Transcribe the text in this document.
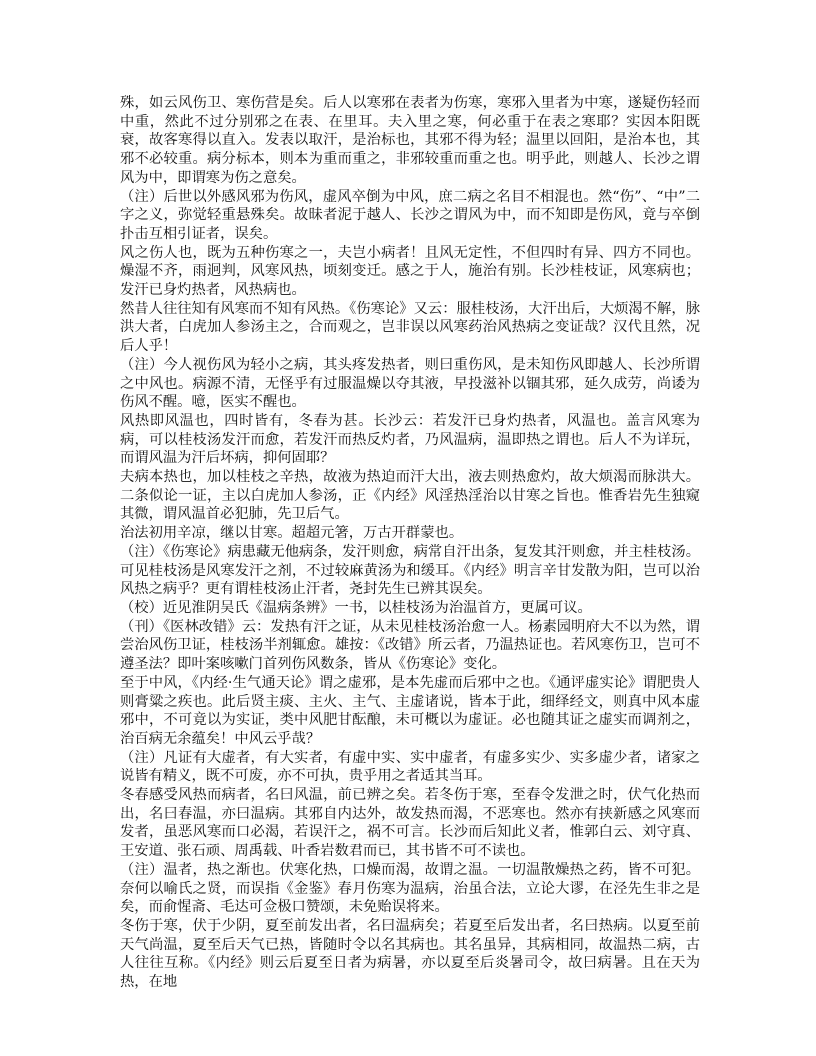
殊，如云风伤卫、寒伤营是矣。后人以寒邪在表者为伤寒，寒邪入里者为中寒，遂疑伤轻而中重，然此不过分别邪之在表、在里耳。夫入里之寒，何必重于在表之寒耶？实因本阳既衰，故客寒得以直入。发表以取汗，是治标也，其邪不得为轻；温里以回阳，是治本也，其邪不必较重。病分标本，则本为重而重之，非邪较重而重之也。明乎此，则越人、长沙之谓风为中，即谓寒为伤之意矣。

（注）后世以外感风邪为伤风，虚风卒倒为中风，庶二病之名目不相混也。然“伤”、“中”二字之义，弥觉轻重悬殊矣。故昧者泥于越人、长沙之谓风为中，而不知即是伤风，竟与卒倒扑击互相引证者，误矣。

风之伤人也，既为五种伤寒之一，夫岂小病者！且风无定性，不但四时有异、四方不同也。燥湿不齐，雨迥判，风寒风热，顷刻变迁。感之于人，施治有别。长沙桂枝证，风寒病也；发汗已身灼热者，风热病也。

然昔人往往知有风寒而不知有风热。《伤寒论》又云：服桂枝汤，大汗出后，大烦渴不解，脉洪大者，白虎加人参汤主之，合而观之，岂非误以风寒药治风热病之变证哉？汉代且然，况后人乎！

（注）今人视伤风为轻小之病，其头疼发热者，则曰重伤风，是未知伤风即越人、长沙所谓之中风也。病源不清，无怪乎有过服温燥以夺其液，早投滋补以锢其邪，延久成劳，尚诿为伤风不醒。噫，医实不醒也。

风热即风温也，四时皆有，冬春为甚。长沙云：若发汗已身灼热者，风温也。盖言风寒为病，可以桂枝汤发汗而愈，若发汗而热反灼者，乃风温病，温即热之谓也。后人不为详玩，而谓风温为汗后坏病，抑何固耶？

夫病本热也，加以桂枝之辛热，故液为热迫而汗大出，液去则热愈灼，故大烦渴而脉洪大。二条似论一证，主以白虎加人参汤，正《内经》风淫热淫治以甘寒之旨也。惟香岩先生独窥其微，谓风温首必犯肺，先卫后气。

治法初用辛凉，继以甘寒。超超元箸，万古开群蒙也。

（注）《伤寒论》病患藏无他病条，发汗则愈，病常自汗出条，复发其汗则愈，并主桂枝汤。可见桂枝汤是风寒发汗之剂，不过较麻黄汤为和缓耳。《内经》明言辛甘发散为阳，岂可以治风热之病乎？更有谓桂枝汤止汗者，尧封先生已辨其误矣。

（校）近见淮阴吴氏《温病条辨》一书，以桂枝汤为治温首方，更属可议。

（刊）《医林改错》云：发热有汗之证，从未见桂枝汤治愈一人。杨素园明府大不以为然，谓尝治风伤卫证，桂枝汤半剂辄愈。雄按：《改错》所云者，乃温热证也。若风寒伤卫，岂可不遵圣法？即叶案咳嗽门首列伤风数条，皆从《伤寒论》变化。

至于中风，《内经·生气通天论》谓之虚邪，是本先虚而后邪中之也。《通评虚实论》谓肥贵人则膏粱之疾也。此后贤主痰、主火、主气、主虚诸说，皆本于此，细绎经文，则真中风本虚邪中，不可竟以为实证，类中风肥甘酝酿，未可概以为虚证。必也随其证之虚实而调剂之，治百病无余蕴矣！中风云乎哉？

（注）凡证有大虚者，有大实者，有虚中实、实中虚者，有虚多实少、实多虚少者，诸家之说皆有精义，既不可废，亦不可执，贵乎用之者适其当耳。

冬春感受风热而病者，名曰风温，前已辨之矣。若冬伤于寒，至春令发泄之时，伏气化热而出，名曰春温，亦曰温病。其邪自内达外，故发热而渴，不恶寒也。然亦有挟新感之风寒而发者，虽恶风寒而口必渴，若误汗之，祸不可言。长沙而后知此义者，惟郭白云、刘守真、王安道、张石顽、周禹载、叶香岩数君而已，其书皆不可不读也。

（注）温者，热之渐也。伏寒化热，口燥而渴，故谓之温。一切温散燥热之药，皆不可犯。奈何以喻氏之贤，而误指《金鉴》春月伤寒为温病，治虽合法，立论大谬，在泾先生非之是矣，而俞惺斋、毛达可佥极口赞颂，未免贻误将来。

冬伤于寒，伏于少阴，夏至前发出者，名曰温病矣；若夏至后发出者，名曰热病。以夏至前天气尚温，夏至后天气已热，皆随时令以名其病也。其名虽异，其病相同，故温热二病，古人往往互称。《内经》则云后夏至日者为病暑，亦以夏至后炎暑司令，故曰病暑。且在天为热，在地
